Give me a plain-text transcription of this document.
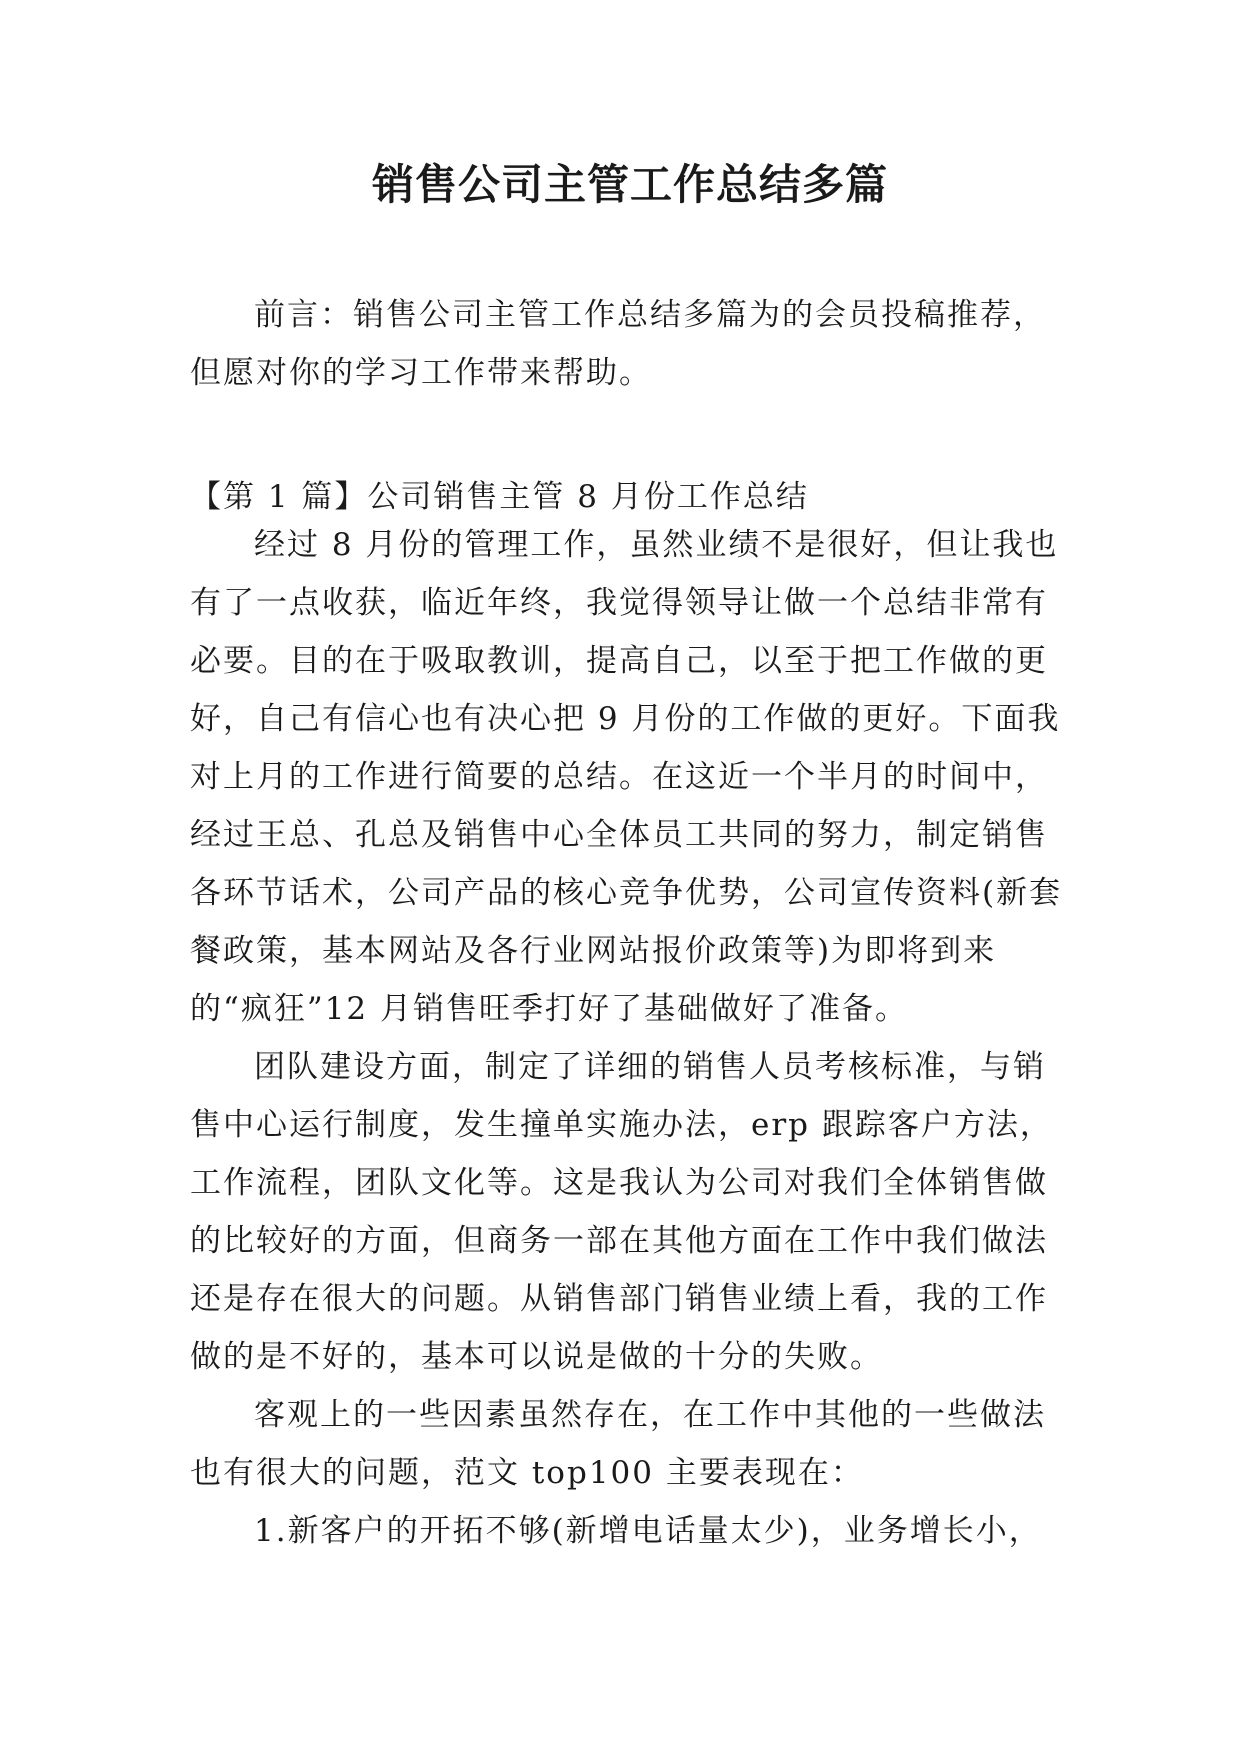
销售公司主管工作总结多篇

前言：销售公司主管工作总结多篇为的会员投稿推荐，但愿对你的学习工作带来帮助。

【第 1 篇】公司销售主管 8 月份工作总结

经过 8 月份的管理工作，虽然业绩不是很好，但让我也有了一点收获，临近年终，我觉得领导让做一个总结非常有必要。目的在于吸取教训，提高自己，以至于把工作做的更好，自己有信心也有决心把 9 月份的工作做的更好。下面我对上月的工作进行简要的总结。在这近一个半月的时间中，经过王总、孔总及销售中心全体员工共同的努力，制定销售各环节话术，公司产品的核心竞争优势，公司宣传资料(新套餐政策，基本网站及各行业网站报价政策等)为即将到来的“疯狂”12 月销售旺季打好了基础做好了准备。

团队建设方面，制定了详细的销售人员考核标准，与销售中心运行制度，发生撞单实施办法，erp 跟踪客户方法，工作流程，团队文化等。这是我认为公司对我们全体销售做的比较好的方面，但商务一部在其他方面在工作中我们做法还是存在很大的问题。从销售部门销售业绩上看，我的工作做的是不好的，基本可以说是做的十分的失败。

客观上的一些因素虽然存在，在工作中其他的一些做法也有很大的问题，范文 top100 主要表现在：

1.新客户的开拓不够(新增电话量太少)，业务增长小，
